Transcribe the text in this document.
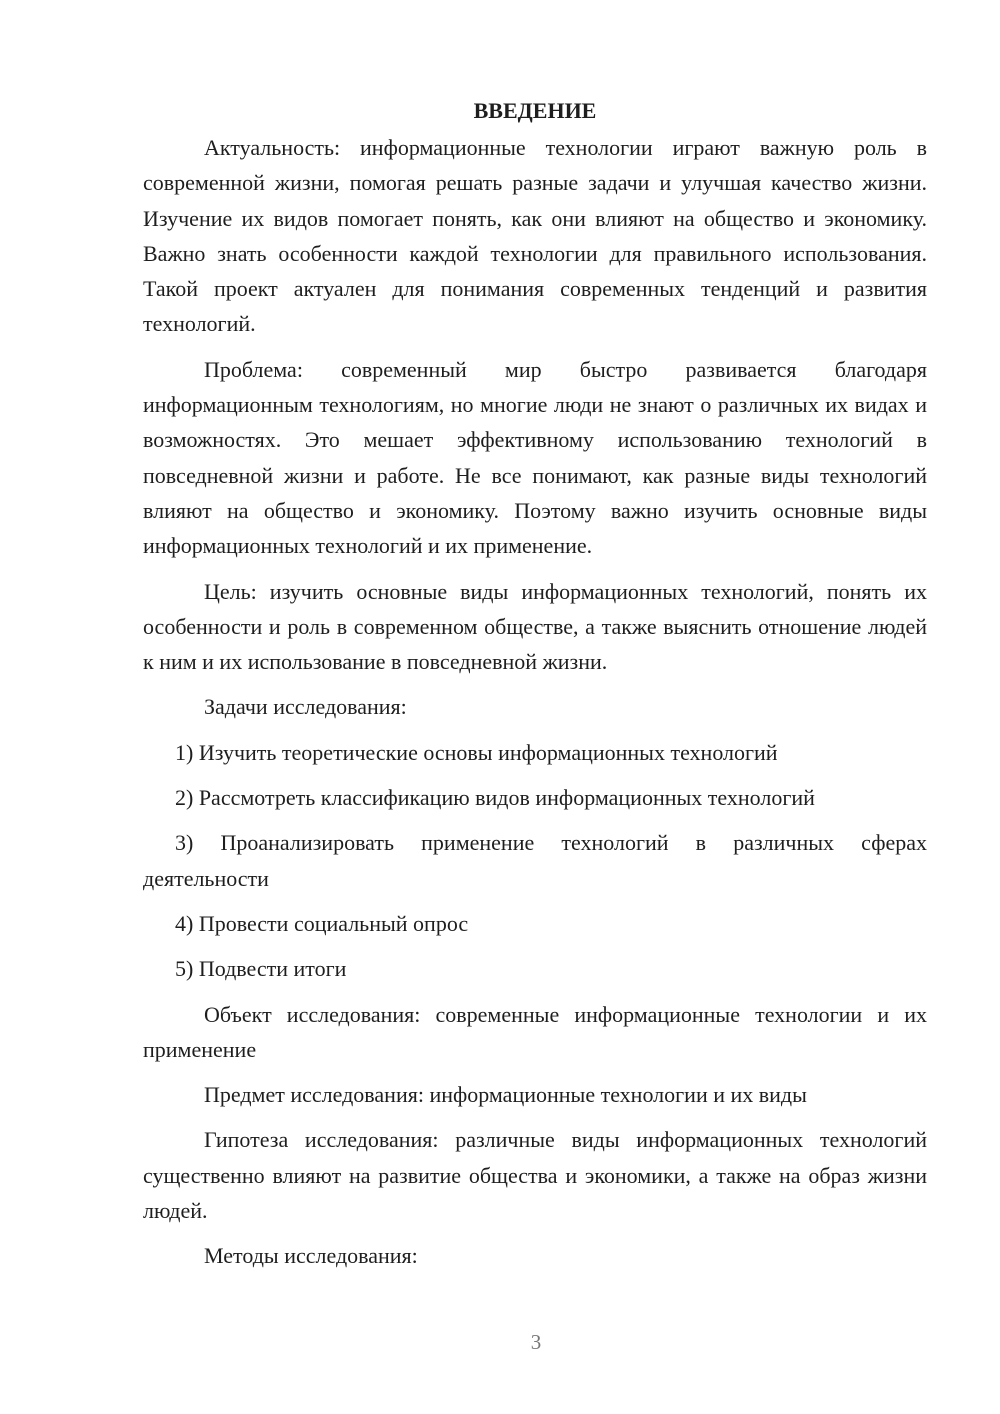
ВВЕДЕНИЕ

Актуальность: информационные технологии играют важную роль в современной жизни, помогая решать разные задачи и улучшая качество жизни. Изучение их видов помогает понять, как они влияют на общество и экономику. Важно знать особенности каждой технологии для правильного использования. Такой проект актуален для понимания современных тенденций и развития технологий.

Проблема: современный мир быстро развивается благодаря информационным технологиям, но многие люди не знают о различных их видах и возможностях. Это мешает эффективному использованию технологий в повседневной жизни и работе. Не все понимают, как разные виды технологий влияют на общество и экономику. Поэтому важно изучить основные виды информационных технологий и их применение.

Цель: изучить основные виды информационных технологий, понять их особенности и роль в современном обществе, а также выяснить отношение людей к ним и их использование в повседневной жизни.

Задачи исследования:

1) Изучить теоретические основы информационных технологий

2) Рассмотреть классификацию видов информационных технологий

3) Проанализировать применение технологий в различных сферах деятельности

4) Провести социальный опрос

5) Подвести итоги

Объект исследования: современные информационные технологии и их применение

Предмет исследования: информационные технологии и их виды

Гипотеза исследования: различные виды информационных технологий существенно влияют на развитие общества и экономики, а также на образ жизни людей.

Методы исследования:

3
